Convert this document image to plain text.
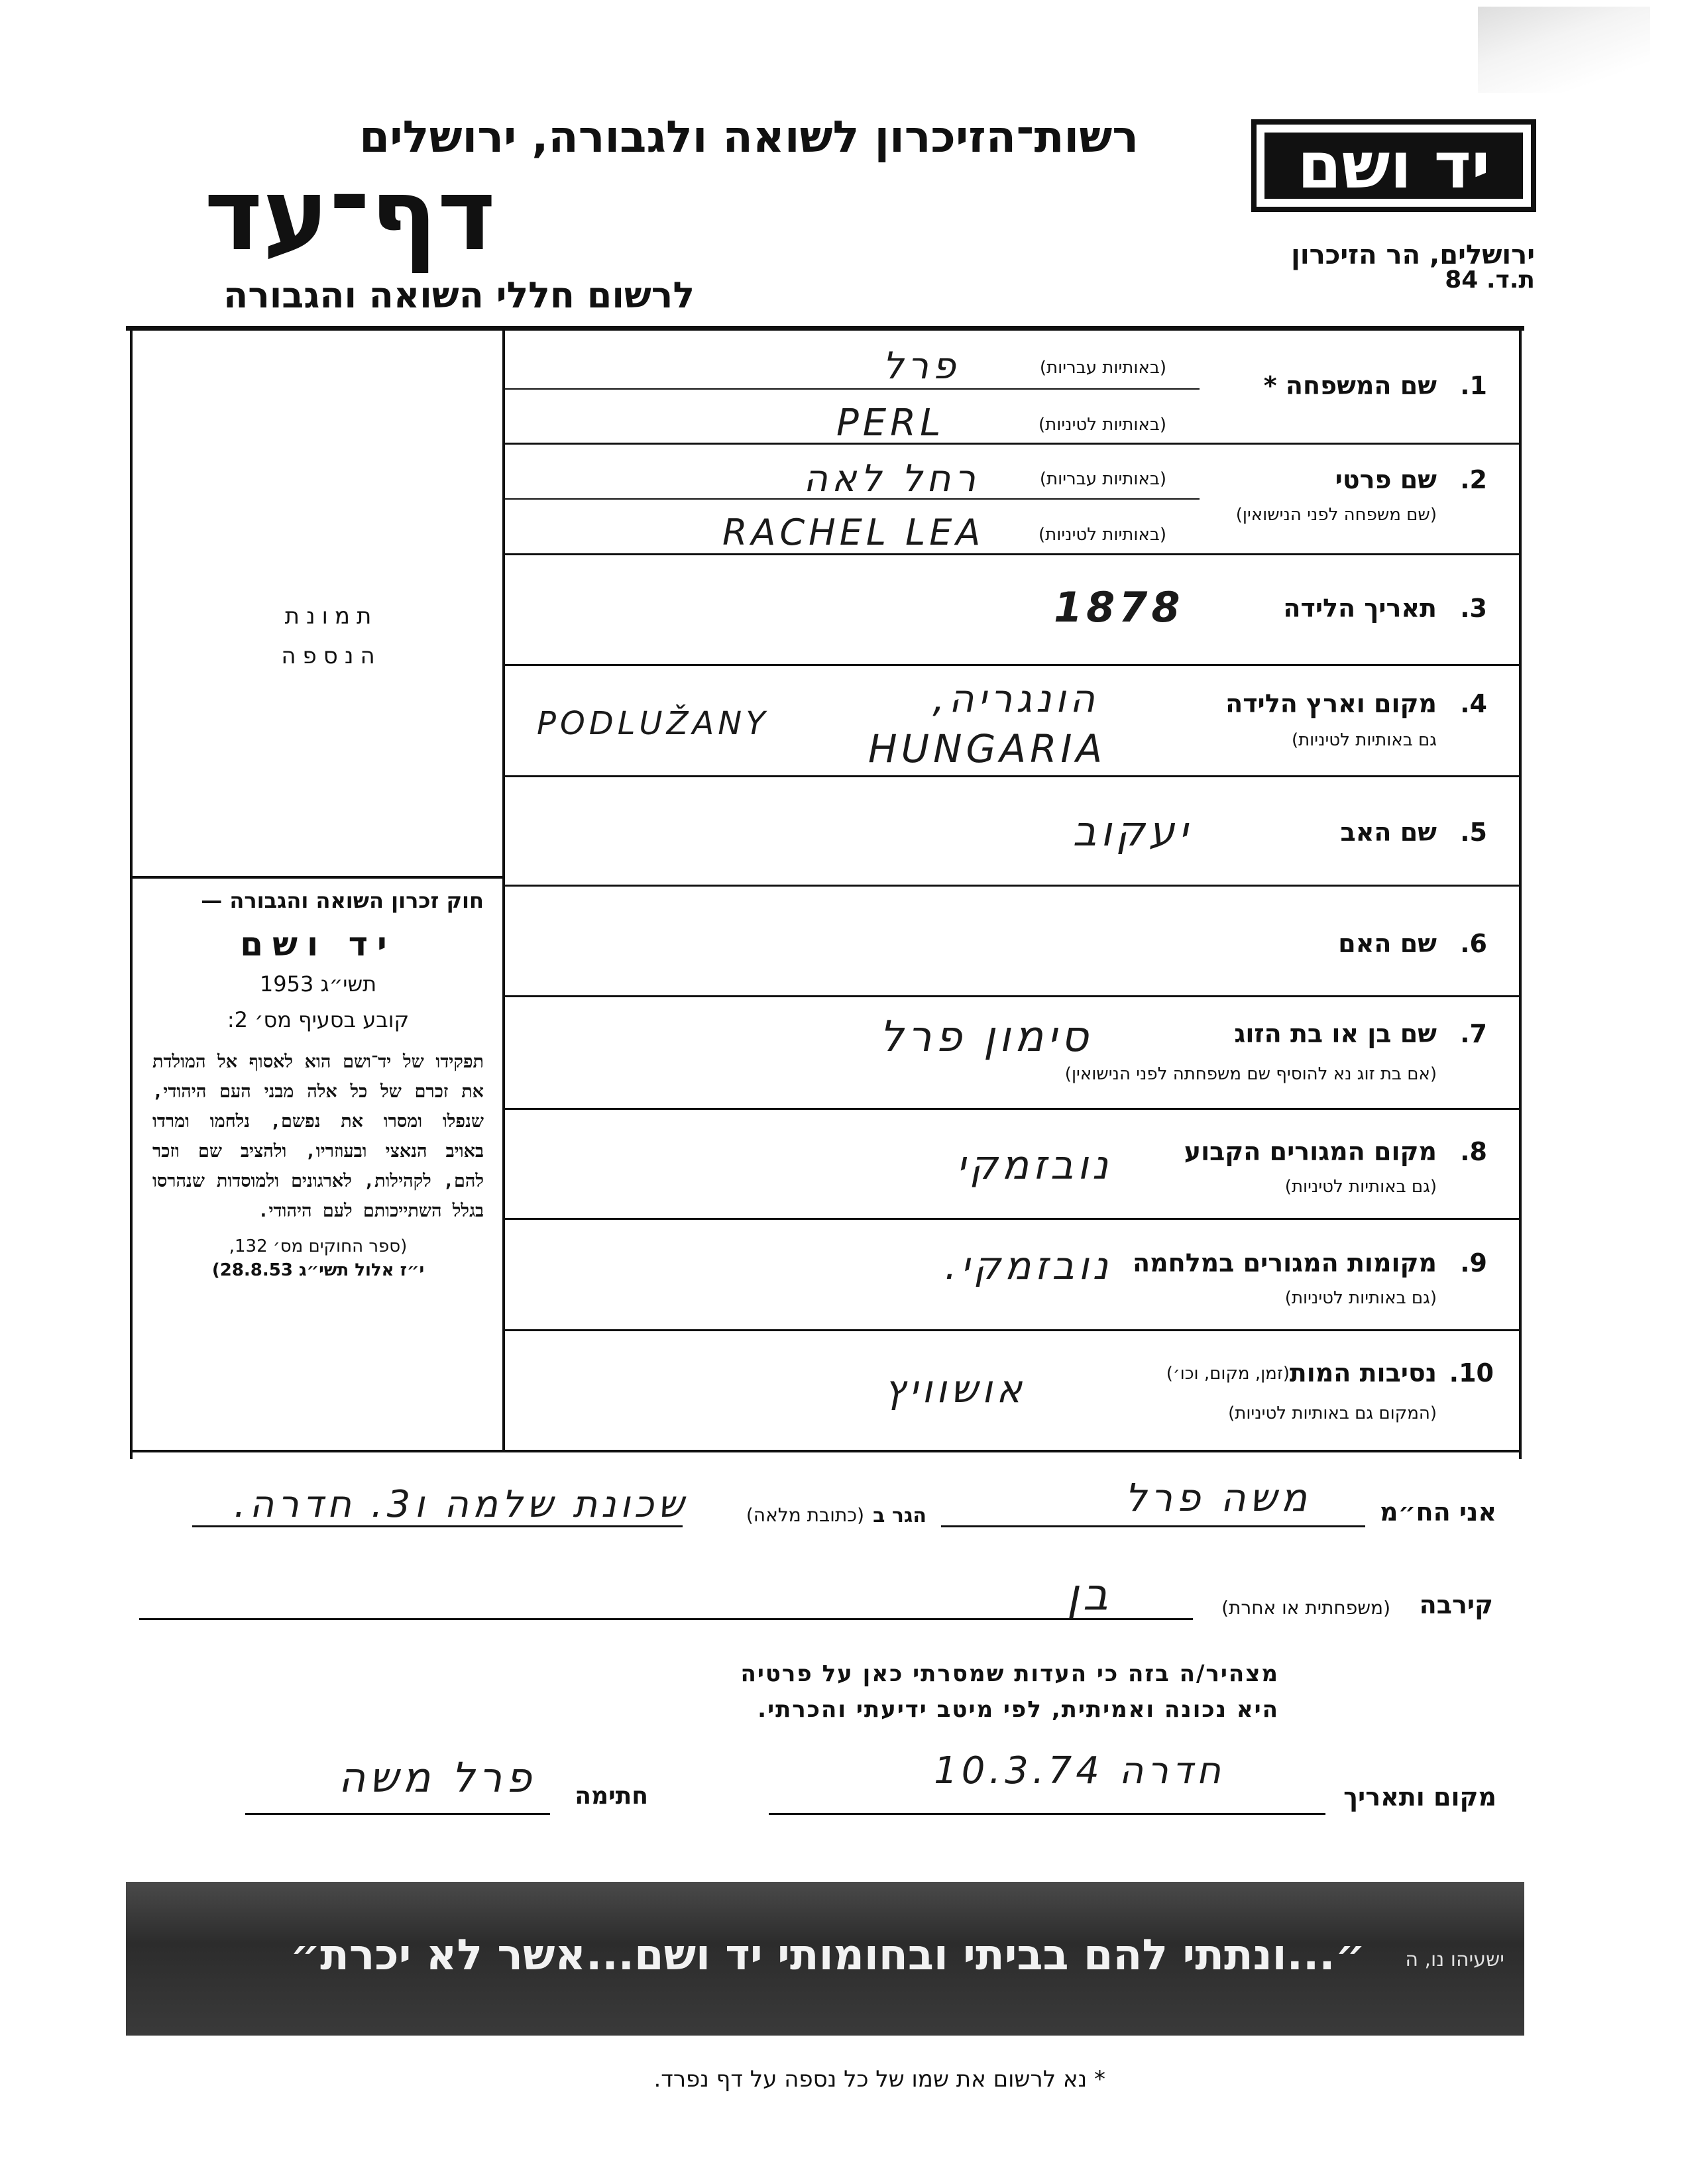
יד ושם
ירושלים, הר הזיכרון
ת.ד. 84
רשות־הזיכרון לשואה ולגבורה, ירושלים
דף־עד
לרשום חללי השואה והגבורה
תמונת
הנספה
חוק זכרון השואה והגבורה —
יד ושם
תשי״ג 1953
קובע בסעיף מס׳ 2:
תפקידו של יד־ושם הוא לאסוף אל המולדת את זכרם של כל אלה מבני העם היהודי, שנפלו ומסרו את נפשם, נלחמו ומרדו באויב הנאצי ובעוזריו, ולהציב שם וזכר להם, לקהילות, לארגונים ולמוסדות שנהרסו בגלל השתייכותם לעם היהודי.
(ספר החוקים מס׳ 132,
י״ז אלול תשי״ג 28.8.53)
1.
שם המשפחה *
(באותיות עבריות)
(באותיות לטיניות)
פרל
PERL
2.
שם פרטי
(שם משפחה לפני הנישואין)
(באותיות עבריות)
(באותיות לטיניות)
רחל לאה
RACHEL LEA
3.
תאריך הלידה
1878
4.
מקום וארץ הלידה
גם באותיות לטיניות)
הונגריה,
HUNGARIA
PODLUŽANY
5.
שם האב
יעקוב
6.
שם האם
7.
שם בן או בת הזוג
(אם בת זוג נא להוסיף שם משפחתה לפני הנישואין)
סימון פרל
8.
מקום המגורים הקבוע
(גם באותיות לטיניות)
נובזמקי
9.
מקומות המגורים במלחמה
(גם באותיות לטיניות)
נובזמקי.
10.
נסיבות המות
(זמן, מקום, וכו׳)
(המקום גם באותיות לטיניות)
אושוויץ
אני הח״מ
משה פרל
הגר ב
(כתובת מלאה)
שכונת שלמה ו3. חדרה.
קירבה
(משפחתית או אחרת)
בן
מצהיר/ה בזה כי העדות שמסרתי כאן על פרטיה
היא נכונה ואמיתית, לפי מיטב ידיעתי והכרתי.
מקום ותאריך
חדרה 10.3.74
חתימה
פרל משה
״...ונתתי להם בביתי ובחומותי יד ושם...אשר לא יכרת״ ישעיהו נו, ה
* נא לרשום את שמו של כל נספה על דף נפרד.
